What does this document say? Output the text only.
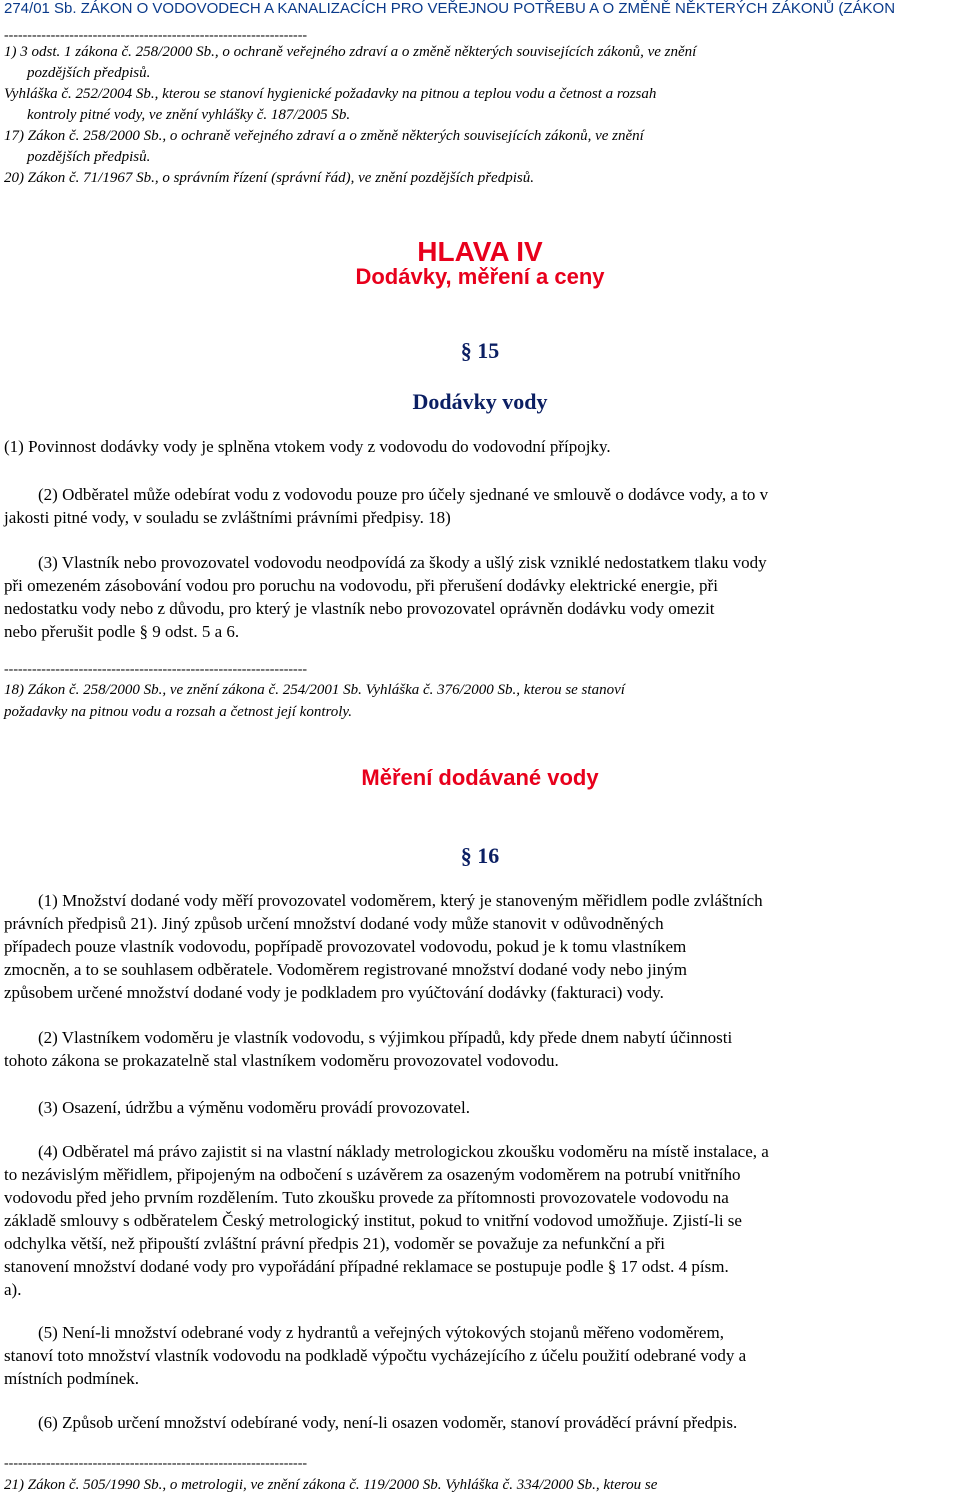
274/01 Sb. ZÁKON O VODOVODECH A KANALIZACÍCH PRO VEŘEJNOU POTŘEBU A O ZMĚNĚ NĚKTERÝCH ZÁKONŮ (ZÁKON
-----------------------------------------------------------------
1) 3 odst. 1 zákona č. 258/2000 Sb., o ochraně veřejného zdraví a o změně některých souvisejících zákonů, ve znění
pozdějších předpisů.
Vyhláška č. 252/2004 Sb., kterou se stanoví hygienické požadavky na pitnou a teplou vodu a četnost a rozsah
kontroly pitné vody, ve znění vyhlášky č. 187/2005 Sb.
17) Zákon č. 258/2000 Sb., o ochraně veřejného zdraví a o změně některých souvisejících zákonů, ve znění
pozdějších předpisů.
20) Zákon č. 71/1967 Sb., o správním řízení (správní řád), ve znění pozdějších předpisů.
HLAVA IV
Dodávky, měření a ceny
§ 15
Dodávky vody

(1) Povinnost dodávky vody je splněna vtokem vody z vodovodu do vodovodní přípojky.

(2) Odběratel může odebírat vodu z vodovodu pouze pro účely sjednané ve smlouvě o dodávce vody, a to v

jakosti pitné vody, v souladu se zvláštními právními předpisy. 18)

(3) Vlastník nebo provozovatel vodovodu neodpovídá za škody a ušlý zisk vzniklé nedostatkem tlaku vody

při omezeném zásobování vodou pro poruchu na vodovodu, při přerušení dodávky elektrické energie, při

nedostatku vody nebo z důvodu, pro který je vlastník nebo provozovatel oprávněn dodávku vody omezit

nebo přerušit podle § 9 odst. 5 a 6.

-----------------------------------------------------------------
18) Zákon č. 258/2000 Sb., ve znění zákona č. 254/2001 Sb. Vyhláška č. 376/2000 Sb., kterou se stanoví
požadavky na pitnou vodu a rozsah a četnost její kontroly.
Měření dodávané vody
§ 16

(1) Množství dodané vody měří provozovatel vodoměrem, který je stanoveným měřidlem podle zvláštních

právních předpisů 21). Jiný způsob určení množství dodané vody může stanovit v odůvodněných

případech pouze vlastník vodovodu, popřípadě provozovatel vodovodu, pokud je k tomu vlastníkem

zmocněn, a to se souhlasem odběratele. Vodoměrem registrované množství dodané vody nebo jiným

způsobem určené množství dodané vody je podkladem pro vyúčtování dodávky (fakturaci) vody.

(2) Vlastníkem vodoměru je vlastník vodovodu, s výjimkou případů, kdy přede dnem nabytí účinnosti

tohoto zákona se prokazatelně stal vlastníkem vodoměru provozovatel vodovodu.

(3) Osazení, údržbu a výměnu vodoměru provádí provozovatel.

(4) Odběratel má právo zajistit si na vlastní náklady metrologickou zkoušku vodoměru na místě instalace, a

to nezávislým měřidlem, připojeným na odbočení s uzávěrem za osazeným vodoměrem na potrubí vnitřního

vodovodu před jeho prvním rozdělením. Tuto zkoušku provede za přítomnosti provozovatele vodovodu na

základě smlouvy s odběratelem Český metrologický institut, pokud to vnitřní vodovod umožňuje. Zjistí-li se

odchylka větší, než připouští zvláštní právní předpis 21), vodoměr se považuje za nefunkční a při

stanovení množství dodané vody pro vypořádání případné reklamace se postupuje podle § 17 odst. 4 písm.

a).

(5) Není-li množství odebrané vody z hydrantů a veřejných výtokových stojanů měřeno vodoměrem,

stanoví toto množství vlastník vodovodu na podkladě výpočtu vycházejícího z účelu použití odebrané vody a

místních podmínek.

(6) Způsob určení množství odebírané vody, není-li osazen vodoměr, stanoví prováděcí právní předpis.

-----------------------------------------------------------------
21) Zákon č. 505/1990 Sb., o metrologii, ve znění zákona č. 119/2000 Sb. Vyhláška č. 334/2000 Sb., kterou se
